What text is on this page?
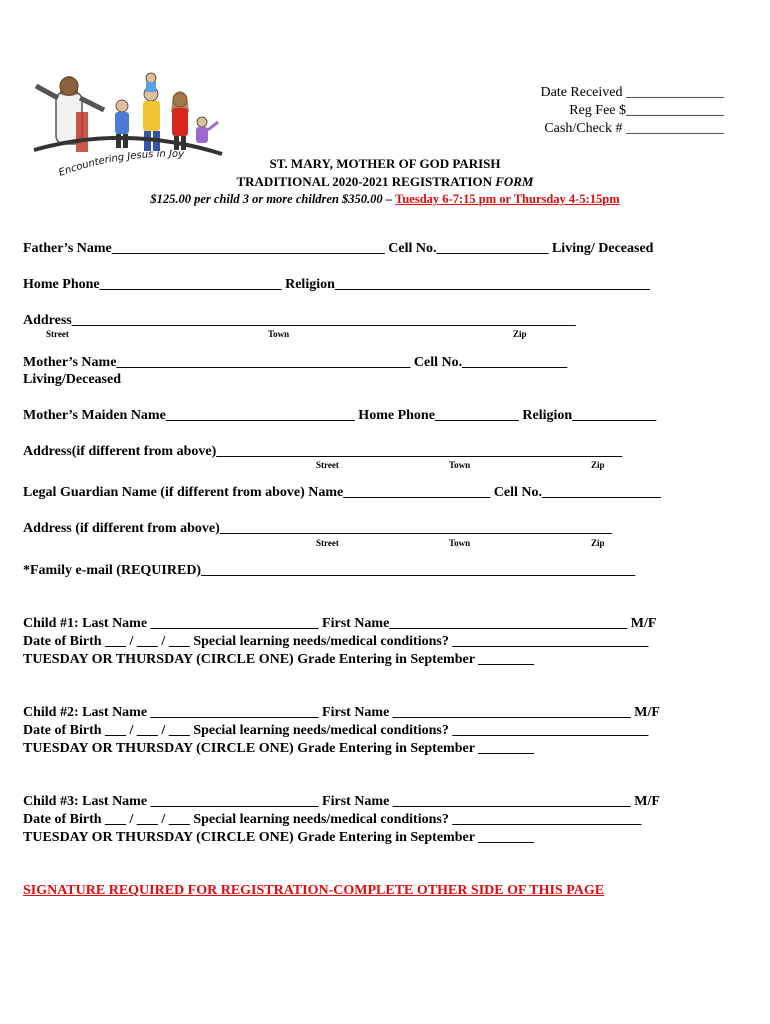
Encountering Jesus in Joy
Date Received ______________
Reg Fee $______________
Cash/Check # ______________
ST. MARY, MOTHER OF GOD PARISH
TRADITIONAL 2020-2021 REGISTRATION FORM
$125.00 per child 3 or more children $350.00 – Tuesday 6-7:15 pm or Thursday 4-5:15pm
Father’s Name_______________________________________ Cell No.________________ Living/ Deceased
Home Phone__________________________ Religion_____________________________________________
Address________________________________________________________________________
Street	Town	Zip
Mother’s Name__________________________________________ Cell No._______________
Living/Deceased
Mother’s Maiden Name___________________________ Home Phone____________ Religion____________
Address(if different from above)__________________________________________________________
Street	Town	Zip
Legal Guardian Name (if different from above) Name_____________________ Cell No._________________
Address (if different from above)________________________________________________________
Street	Town	Zip
*Family e-mail (REQUIRED)______________________________________________________________
Child #1: Last Name ________________________ First Name__________________________________ M/F
Date of Birth ___ / ___ / ___ Special learning needs/medical conditions? ____________________________
TUESDAY OR THURSDAY (CIRCLE ONE) Grade Entering in September ________
Child #2: Last Name ________________________ First Name __________________________________ M/F
Date of Birth ___ / ___ / ___ Special learning needs/medical conditions? ____________________________
TUESDAY OR THURSDAY (CIRCLE ONE) Grade Entering in September ________
Child #3: Last Name ________________________ First Name __________________________________ M/F
Date of Birth ___ / ___ / ___ Special learning needs/medical conditions? ___________________________
TUESDAY OR THURSDAY (CIRCLE ONE) Grade Entering in September ________
SIGNATURE REQUIRED FOR REGISTRATION-COMPLETE OTHER SIDE OF THIS PAGE
